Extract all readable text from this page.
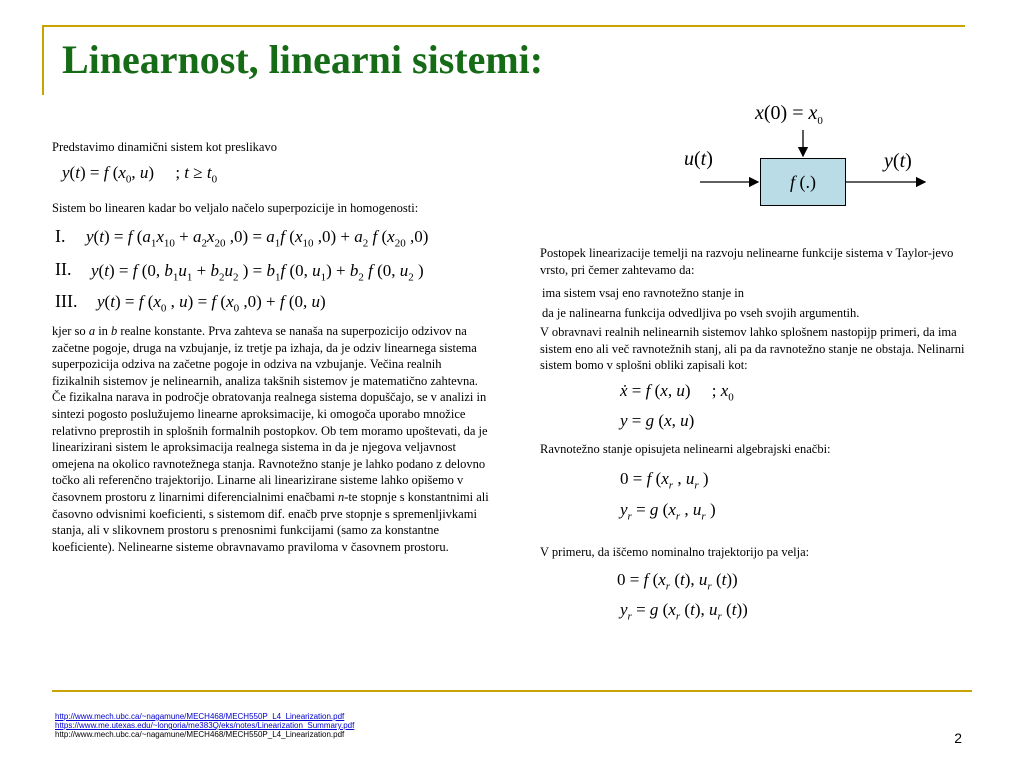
Linearnost, linearni sistemi:
Predstavimo dinamični sistem kot preslikavo
y(t) = f ($x_0$, u)     ; $t \ge t_0$
Sistem bo linearen kadar bo veljalo načelo superpozicije in homogenosti:
I. y(t) = f ($a_1x_{10} + a_2x_{20}$ $,0) = a_1f$ ($x_{10}$ $,0) + a_2$ f ($x_{20}$ ,0)
II. y(t) = f (0, $b_1u_1 + b_2u_2$ ) = $b_1f$ (0, $u_1) + b_2$ f (0, $u_2$ )
III. y(t) = f ($x_0$ , u) = f ($x_0$ ,0) + f (0, u)
kjer so a in b realne konstante. Prva zahteva se nanaša na superpozicijo odzivov na začetne pogoje, druga na vzbujanje, iz tretje pa izhaja, da je odziv linearnega sistema superpozicija odziva na začetne pogoje in odziva na vzbujanje. Večina realnih fizikalnih sistemov je nelinearnih, analiza takšnih sistemov je matematično zahtevna. Če fizikalna narava in področje obratovanja realnega sistema dopuščajo, se v analizi in sintezi pogosto poslužujemo linearne aproksimacije, ki omogoča uporabo množice relativno preprostih in splošnih formalnih postopkov. Ob tem moramo upoštevati, da je linearizirani sistem le aproksimacija realnega sistema in da je njegova veljavnost omejena na okolico ravnotežnega stanja. Ravnotežno stanje je lahko podano z delovno točko ali referenčno trajektorijo. Linarne ali linearizirane sisteme lahko opišemo v časovnem prostoru z linarnimi diferencialnimi enačbami n-te stopnje s konstantnimi ali časovno odvisnimi koeficienti, s sistemom dif. enačb prve stopnje s spremenljivkami stanja, ali v slikovnem prostoru s prenosnimi funkcijami (samo za konstantne koeficiente). Nelinearne sisteme obravnavamo praviloma v časovnem prostoru.
f (.)
$x(0) = x_0$
u(t)	y(t)
Postopek linearizacije temelji na razvoju nelinearne funkcije sistema v Taylor-jevo vrsto, pri čemer zahtevamo da:
ima sistem vsaj eno ravnotežno stanje in
da je nalinearna funkcija odvedljiva po vseh svojih argumentih.
V obravnavi realnih nelinearnih sistemov lahko splošnem nastopijp primeri, da ima sistem eno ali več ravnotežnih stanj, ali pa da ravnotežno stanje ne obstaja. Nelinarni sistem bomo v splošni obliki zapisali kot:
ẋ = f (x, u)     ; $x_0$
y = g (x, u)
Ravnotežno stanje opisujeta nelinearni algebrajski enačbi:
0 = f ($x_r$ , $u_r$ )
$y_r = g$ ($x_r$ , $u_r$ )
V primeru, da iščemo nominalno trajektorijo pa velja:
0 = f ($x_r$ (t), $u_r$ (t))
$y_r = g$ ($x_r$ (t), $u_r$ (t))
http://www.mech.ubc.ca/~nagamune/MECH468/MECH550P_L4_Linearization.pdf
https://www.me.utexas.edu/~longoria/me383Q/eks/notes/Linearization_Summary.pdf
http://www.mech.ubc.ca/~nagamune/MECH468/MECH550P_L4_Linearization.pdf	2
